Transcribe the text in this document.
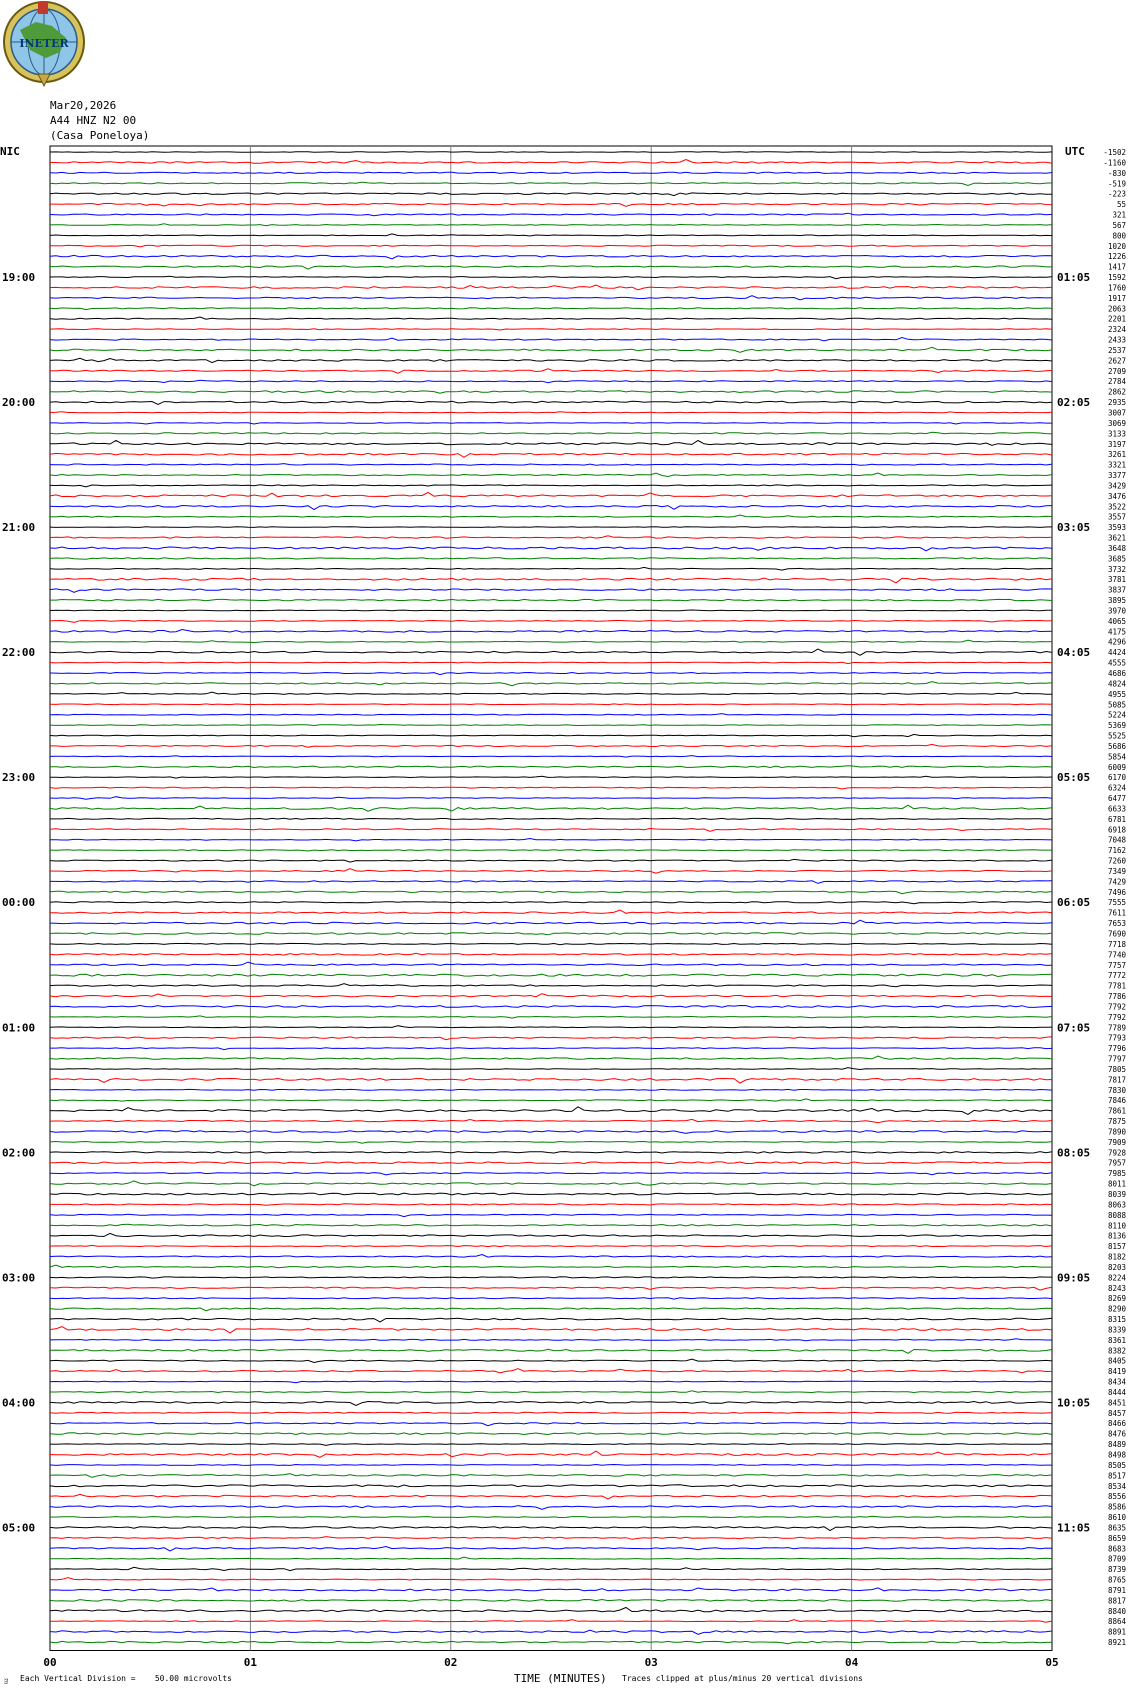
INETER
Mar20,2026
A44 HNZ N2 00
(Casa Poneloya)
NIC	UTC
00	01	02	03	04	05
-1502
-1160
-830
-519
-223
55
321
567
800
1020
1226
1417
1592
1760
1917
2063
2201
2324
2433
2537
2627
2709
2784
2862
2935
3007
3069
3133
3197
3261
3321
3377
3429
3476
3522
3557
3593
3621
3648
3685
3732
3781
3837
3895
3970
4065
4175
4296
4424
4555
4686
4824
4955
5085
5224
5369
5525
5686
5854
6009
6170
6324
6477
6633
6781
6918
7048
7162
7260
7349
7429
7496
7555
7611
7653
7690
7718
7740
7757
7772
7781
7786
7792
7792
7789
7793
7796
7797
7805
7817
7830
7846
7861
7875
7890
7909
7928
7957
7985
8011
8039
8063
8088
8110
8136
8157
8182
8203
8224
8243
8269
8290
8315
8339
8361
8382
8405
8419
8434
8444
8451
8457
8466
8476
8489
8498
8505
8517
8534
8556
8586
8610
8635
8659
8683
8709
8739
8765
8791
8817
8840
8864
8891
8921
19:00	01:05
20:00	02:05
21:00	03:05
22:00	04:05
23:00	05:05
00:00	06:05
01:00	07:05
02:00	08:05
03:00	09:05
04:00	10:05
05:00	11:05
ﾖ Each Vertical Division =    50.00 microvolts	TIME (MINUTES) Traces clipped at plus/minus 20 vertical divisions
